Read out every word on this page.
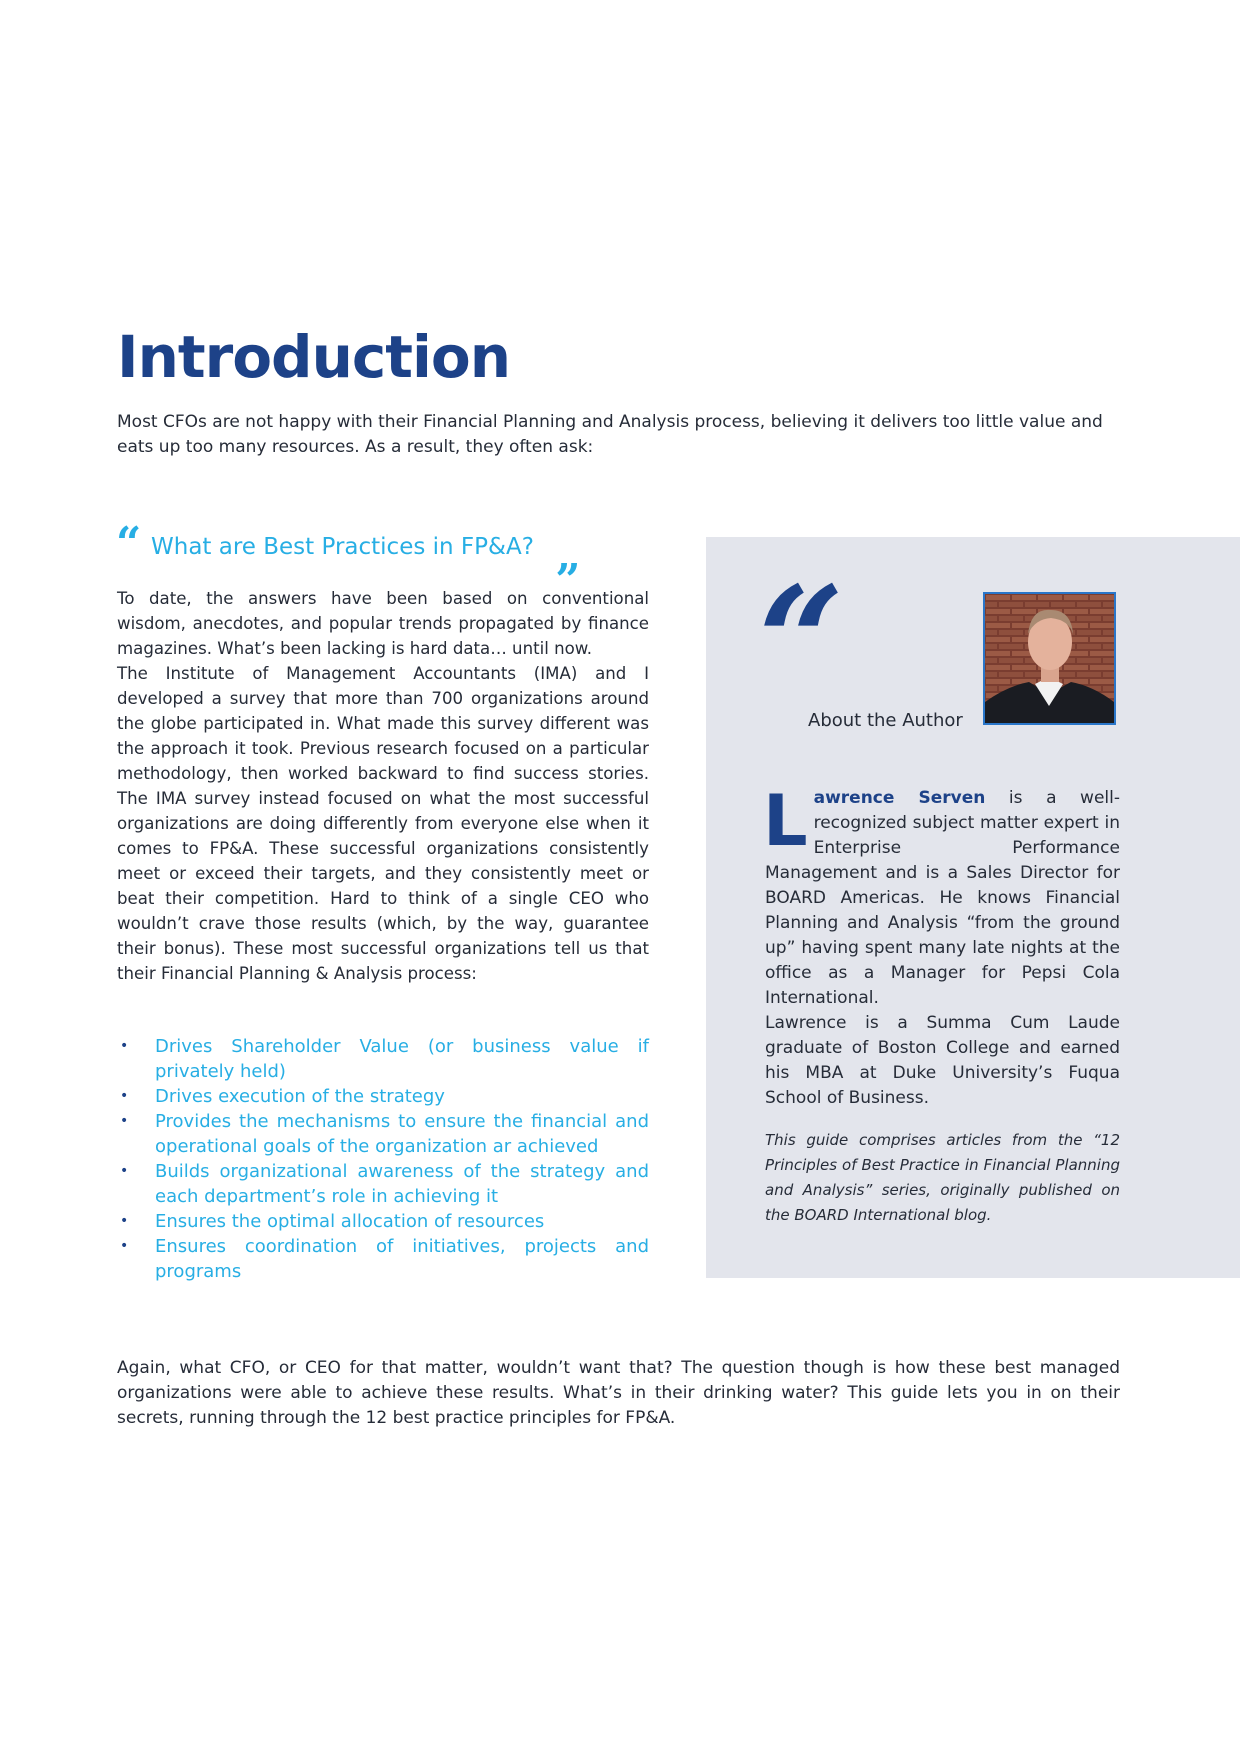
Introduction

Most CFOs are not happy with their Financial Planning and Analysis process, believing it delivers too little value and eats up too many resources. As a result, they often ask:

“ What are Best Practices in FP&A? „

To date, the answers have been based on conventional wisdom, anecdotes, and popular trends propagated by finance magazines. What’s been lacking is hard data… until now.

The Institute of Management Accountants (IMA) and I developed a survey that more than 700 organizations around the globe participated in. What made this survey different was the approach it took. Previous research focused on a particular methodology, then worked backward to find success stories. The IMA survey instead focused on what the most successful organizations are doing differently from everyone else when it comes to FP&A. These successful organizations consistently meet or exceed their targets, and they consistently meet or beat their competition. Hard to think of a single CEO who wouldn’t crave those results (which, by the way, guarantee their bonus). These most successful organizations tell us that their Financial Planning & Analysis process:

• Drives Shareholder Value (or business value if privately held)
• Drives execution of the strategy
• Provides the mechanisms to ensure the financial and operational goals of the organization ar achieved
• Builds organizational awareness of the strategy and each department’s role in achieving it
• Ensures the optimal allocation of resources
• Ensures coordination of initiatives, projects and programs
“
About the Author

Lawrence Serven is a well-recognized subject matter expert in Enterprise Performance Management and is a Sales Director for BOARD Americas. He knows Financial Planning and Analysis “from the ground up” having spent many late nights at the office as a Manager for Pepsi Cola International.

Lawrence is a Summa Cum Laude graduate of Boston College and earned his MBA at Duke University’s Fuqua School of Business.

This guide comprises articles from the “12 Principles of Best Practice in Financial Planning and Analysis” series, originally published on the BOARD International blog.

Again, what CFO, or CEO for that matter, wouldn’t want that? The question though is how these best managed organizations were able to achieve these results. What’s in their drinking water? This guide lets you in on their secrets, running through the 12 best practice principles for FP&A.
